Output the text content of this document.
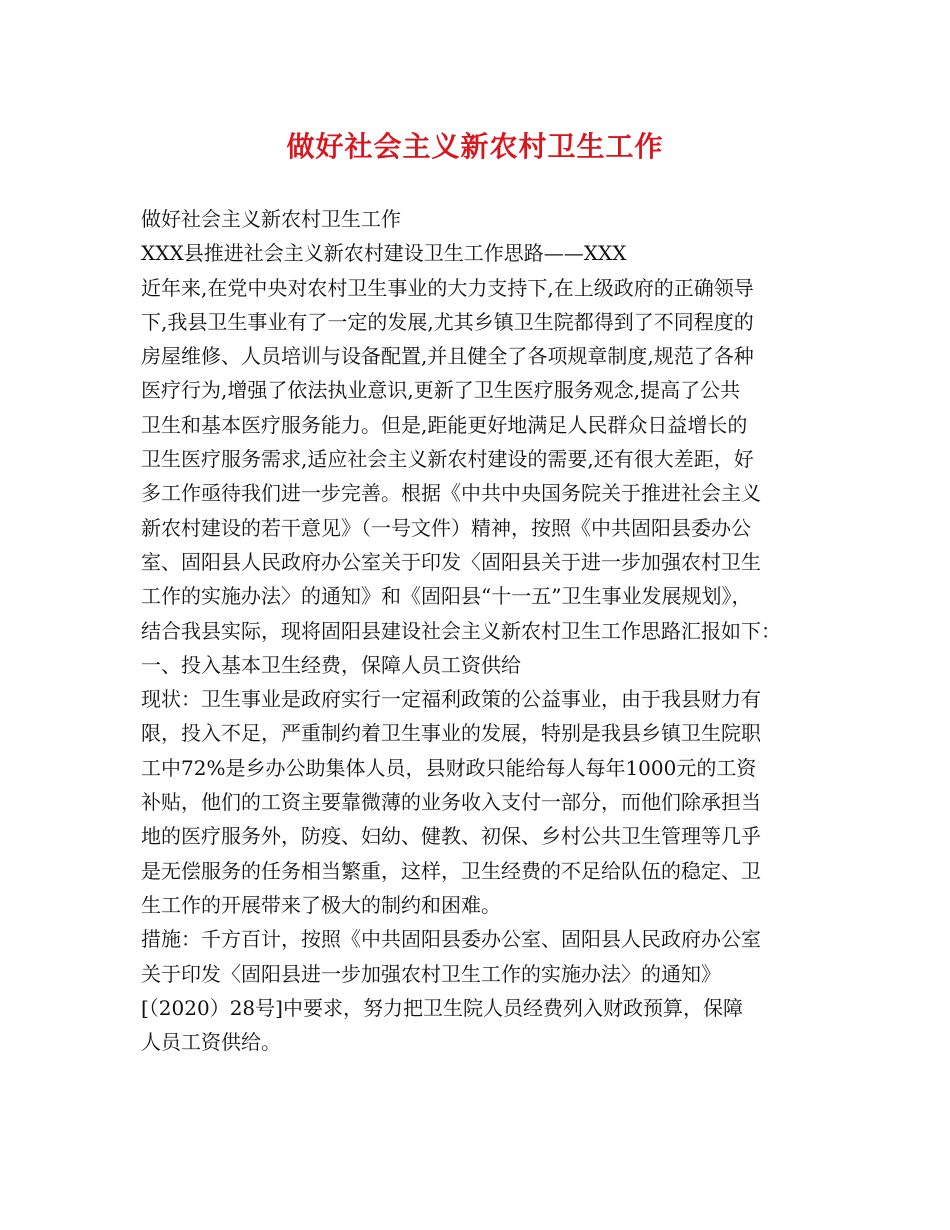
做好社会主义新农村卫生工作
做好社会主义新农村卫生工作
XXX县推进社会主义新农村建设卫生工作思路——XXX
近年来,在党中央对农村卫生事业的大力支持下,在上级政府的正确领导
下,我县卫生事业有了一定的发展,尤其乡镇卫生院都得到了不同程度的
房屋维修、人员培训与设备配置,并且健全了各项规章制度,规范了各种
医疗行为,增强了依法执业意识,更新了卫生医疗服务观念,提高了公共
卫生和基本医疗服务能力。但是,距能更好地满足人民群众日益增长的
卫生医疗服务需求,适应社会主义新农村建设的需要,还有很大差距，好
多工作亟待我们进一步完善。根据《中共中央国务院关于推进社会主义
新农村建设的若干意见》（一号文件）精神，按照《中共固阳县委办公
室、固阳县人民政府办公室关于印发〈固阳县关于进一步加强农村卫生
工作的实施办法〉的通知》和《固阳县“十一五”卫生事业发展规划》，
结合我县实际，现将固阳县建设社会主义新农村卫生工作思路汇报如下：
一、投入基本卫生经费，保障人员工资供给
现状：卫生事业是政府实行一定福利政策的公益事业，由于我县财力有
限，投入不足，严重制约着卫生事业的发展，特别是我县乡镇卫生院职
工中72%是乡办公助集体人员，县财政只能给每人每年1000元的工资
补贴，他们的工资主要靠微薄的业务收入支付一部分，而他们除承担当
地的医疗服务外，防疫、妇幼、健教、初保、乡村公共卫生管理等几乎
是无偿服务的任务相当繁重，这样，卫生经费的不足给队伍的稳定、卫
生工作的开展带来了极大的制约和困难。
措施：千方百计，按照《中共固阳县委办公室、固阳县人民政府办公室
关于印发〈固阳县进一步加强农村卫生工作的实施办法〉的通知》
[（2020）28号]中要求，努力把卫生院人员经费列入财政预算，保障
人员工资供给。
